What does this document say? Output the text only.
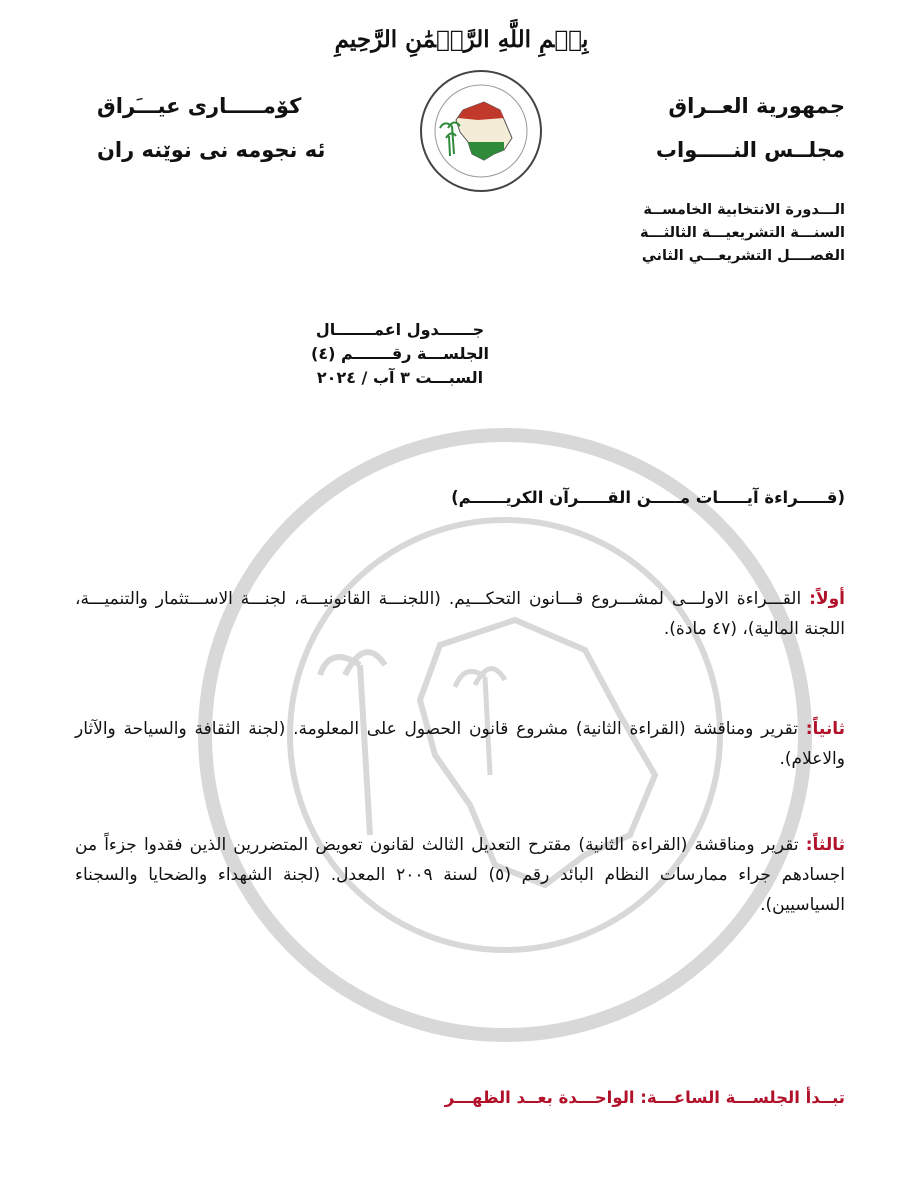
بِسۡمِ اللَّهِ الرَّحۡمَٰنِ الرَّحِيمِ
جمهورية العــراق
مجلــس النـــــواب
كۆمـــــارى عيـــَراق
ئه نجومه نى نوێنه ران
الـــدورة الانتخابية الخامســة
السنـــة التشريعيـــة الثالثـــة
الفصــــل التشريعـــي الثاني
جــــــدول اعمـــــــال
الجلســـة رقـــــــم (٤)
السبـــت ٣ آب / ٢٠٢٤
(قـــــراءة آيـــــات مـــــن القـــــرآن الكريــــــم)
أولاً: القـــراءة الاولـــى لمشـــروع قـــانون التحكـــيم. (اللجنـــة القانونيـــة، لجنـــة الاســـتثمار والتنميـــة، اللجنة المالية)، (٤٧ مادة).
ثانياً: تقرير ومناقشة (القراءة الثانية) مشروع قانون الحصول على المعلومة. (لجنة الثقافة والسياحة والآثار والاعلام).
ثالثاً: تقرير ومناقشة (القراءة الثانية) مقترح التعديل الثالث لقانون تعويض المتضررين الذين فقدوا جزءاً من اجسادهم جراء ممارسات النظام البائد رقم (٥) لسنة ٢٠٠٩ المعدل. (لجنة الشهداء والضحايا والسجناء السياسيين).
تبــدأ الجلســـة الساعـــة: الواحـــدة بعــد الظهـــر
